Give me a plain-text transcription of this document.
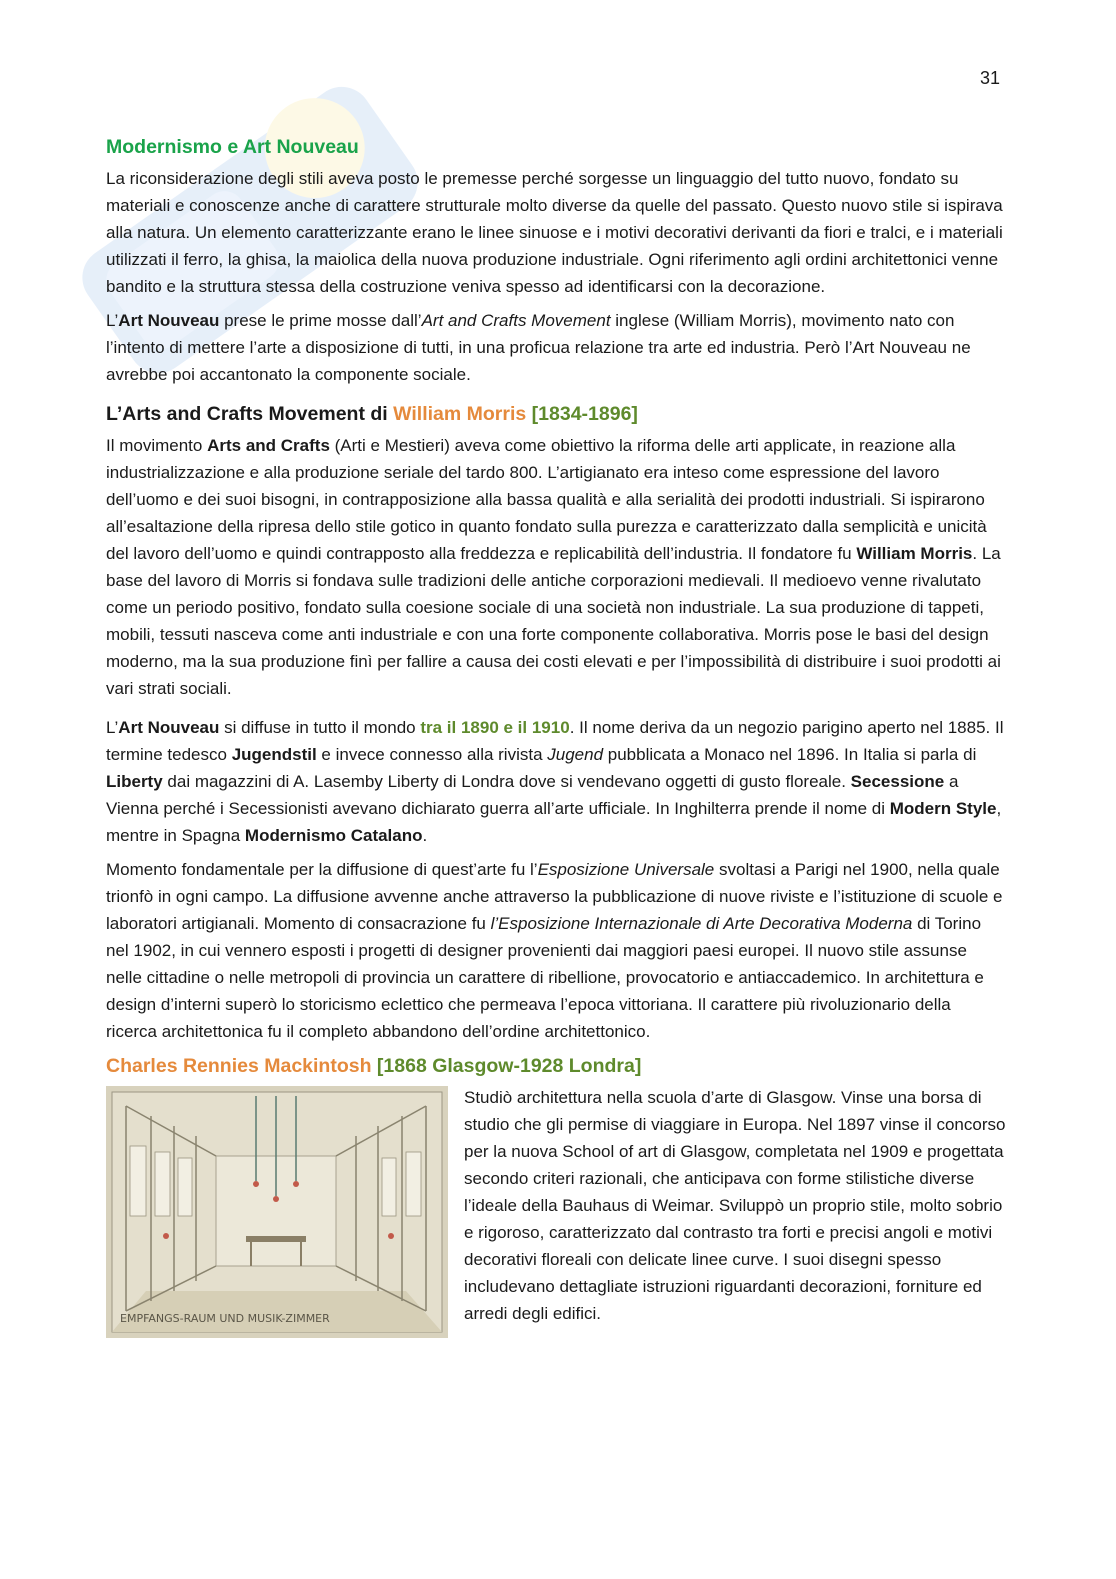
31
Modernismo e Art Nouveau

La riconsiderazione degli stili aveva posto le premesse perché sorgesse un linguaggio del tutto nuovo, fondato su materiali e conoscenze anche di carattere strutturale molto diverse da quelle del passato. Questo nuovo stile si ispirava alla natura. Un elemento caratterizzante erano le linee sinuose e i motivi decorativi derivanti da fiori e tralci, e i materiali utilizzati il ferro, la ghisa, la maiolica della nuova produzione industriale. Ogni riferimento agli ordini architettonici venne bandito e la struttura stessa della costruzione veniva spesso ad identificarsi con la decorazione.

L’Art Nouveau prese le prime mosse dall’Art and Crafts Movement inglese (William Morris), movimento nato con l’intento di mettere l’arte a disposizione di tutti, in una proficua relazione tra arte ed industria. Però l’Art Nouveau ne avrebbe poi accantonato la componente sociale.

L’Arts and Crafts Movement di William Morris [1834-1896]

Il movimento Arts and Crafts (Arti e Mestieri) aveva come obiettivo la riforma delle arti applicate, in reazione alla industrializzazione e alla produzione seriale del tardo 800. L’artigianato era inteso come espressione del lavoro dell’uomo e dei suoi bisogni, in contrapposizione alla bassa qualità e alla serialità dei prodotti industriali. Si ispirarono all’esaltazione della ripresa dello stile gotico in quanto fondato sulla purezza e caratterizzato dalla semplicità e unicità del lavoro dell’uomo e quindi contrapposto alla freddezza e replicabilità dell’industria. Il fondatore fu William Morris. La base del lavoro di Morris si fondava sulle tradizioni delle antiche corporazioni medievali. Il medioevo venne rivalutato come un periodo positivo, fondato sulla coesione sociale di una società non industriale. La sua produzione di tappeti, mobili, tessuti nasceva come anti industriale e con una forte componente collaborativa. Morris pose le basi del design moderno, ma la sua produzione finì per fallire a causa dei costi elevati e per l’impossibilità di distribuire i suoi prodotti ai vari strati sociali.

L’Art Nouveau si diffuse in tutto il mondo tra il 1890 e il 1910. Il nome deriva da un negozio parigino aperto nel 1885. Il termine tedesco Jugendstil e invece connesso alla rivista Jugend pubblicata a Monaco nel 1896. In Italia si parla di Liberty dai magazzini di A. Lasemby Liberty di Londra dove si vendevano oggetti di gusto floreale. Secessione a Vienna perché i Secessionisti avevano dichiarato guerra all’arte ufficiale. In Inghilterra prende il nome di Modern Style, mentre in Spagna Modernismo Catalano.

Momento fondamentale per la diffusione di quest’arte fu l’Esposizione Universale svoltasi a Parigi nel 1900, nella quale trionfò in ogni campo. La diffusione avvenne anche attraverso la pubblicazione di nuove riviste e l’istituzione di scuole e laboratori artigianali. Momento di consacrazione fu l’Esposizione Internazionale di Arte Decorativa Moderna di Torino nel 1902, in cui vennero esposti i progetti di designer provenienti dai maggiori paesi europei. Il nuovo stile assunse nelle cittadine o nelle metropoli di provincia un carattere di ribellione, provocatorio e antiaccademico. In architettura e design d’interni superò lo storicismo eclettico che permeava l’epoca vittoriana. Il carattere più rivoluzionario della ricerca architettonica fu il completo abbandono dell’ordine architettonico.

Charles Rennies Mackintosh [1868 Glasgow-1928 Londra]
EMPFANGS-RAUM UND MUSIK-ZIMMER
Studiò architettura nella scuola d’arte di Glasgow. Vinse una borsa di studio che gli permise di viaggiare in Europa. Nel 1897 vinse il concorso per la nuova School of art di Glasgow, completata nel 1909 e progettata secondo criteri razionali, che anticipava con forme stilistiche diverse l’ideale della Bauhaus di Weimar. Sviluppò un proprio stile, molto sobrio e rigoroso, caratterizzato dal contrasto tra forti e precisi angoli e motivi decorativi floreali con delicate linee curve. I suoi disegni spesso includevano dettagliate istruzioni riguardanti decorazioni, forniture ed arredi degli edifici.
